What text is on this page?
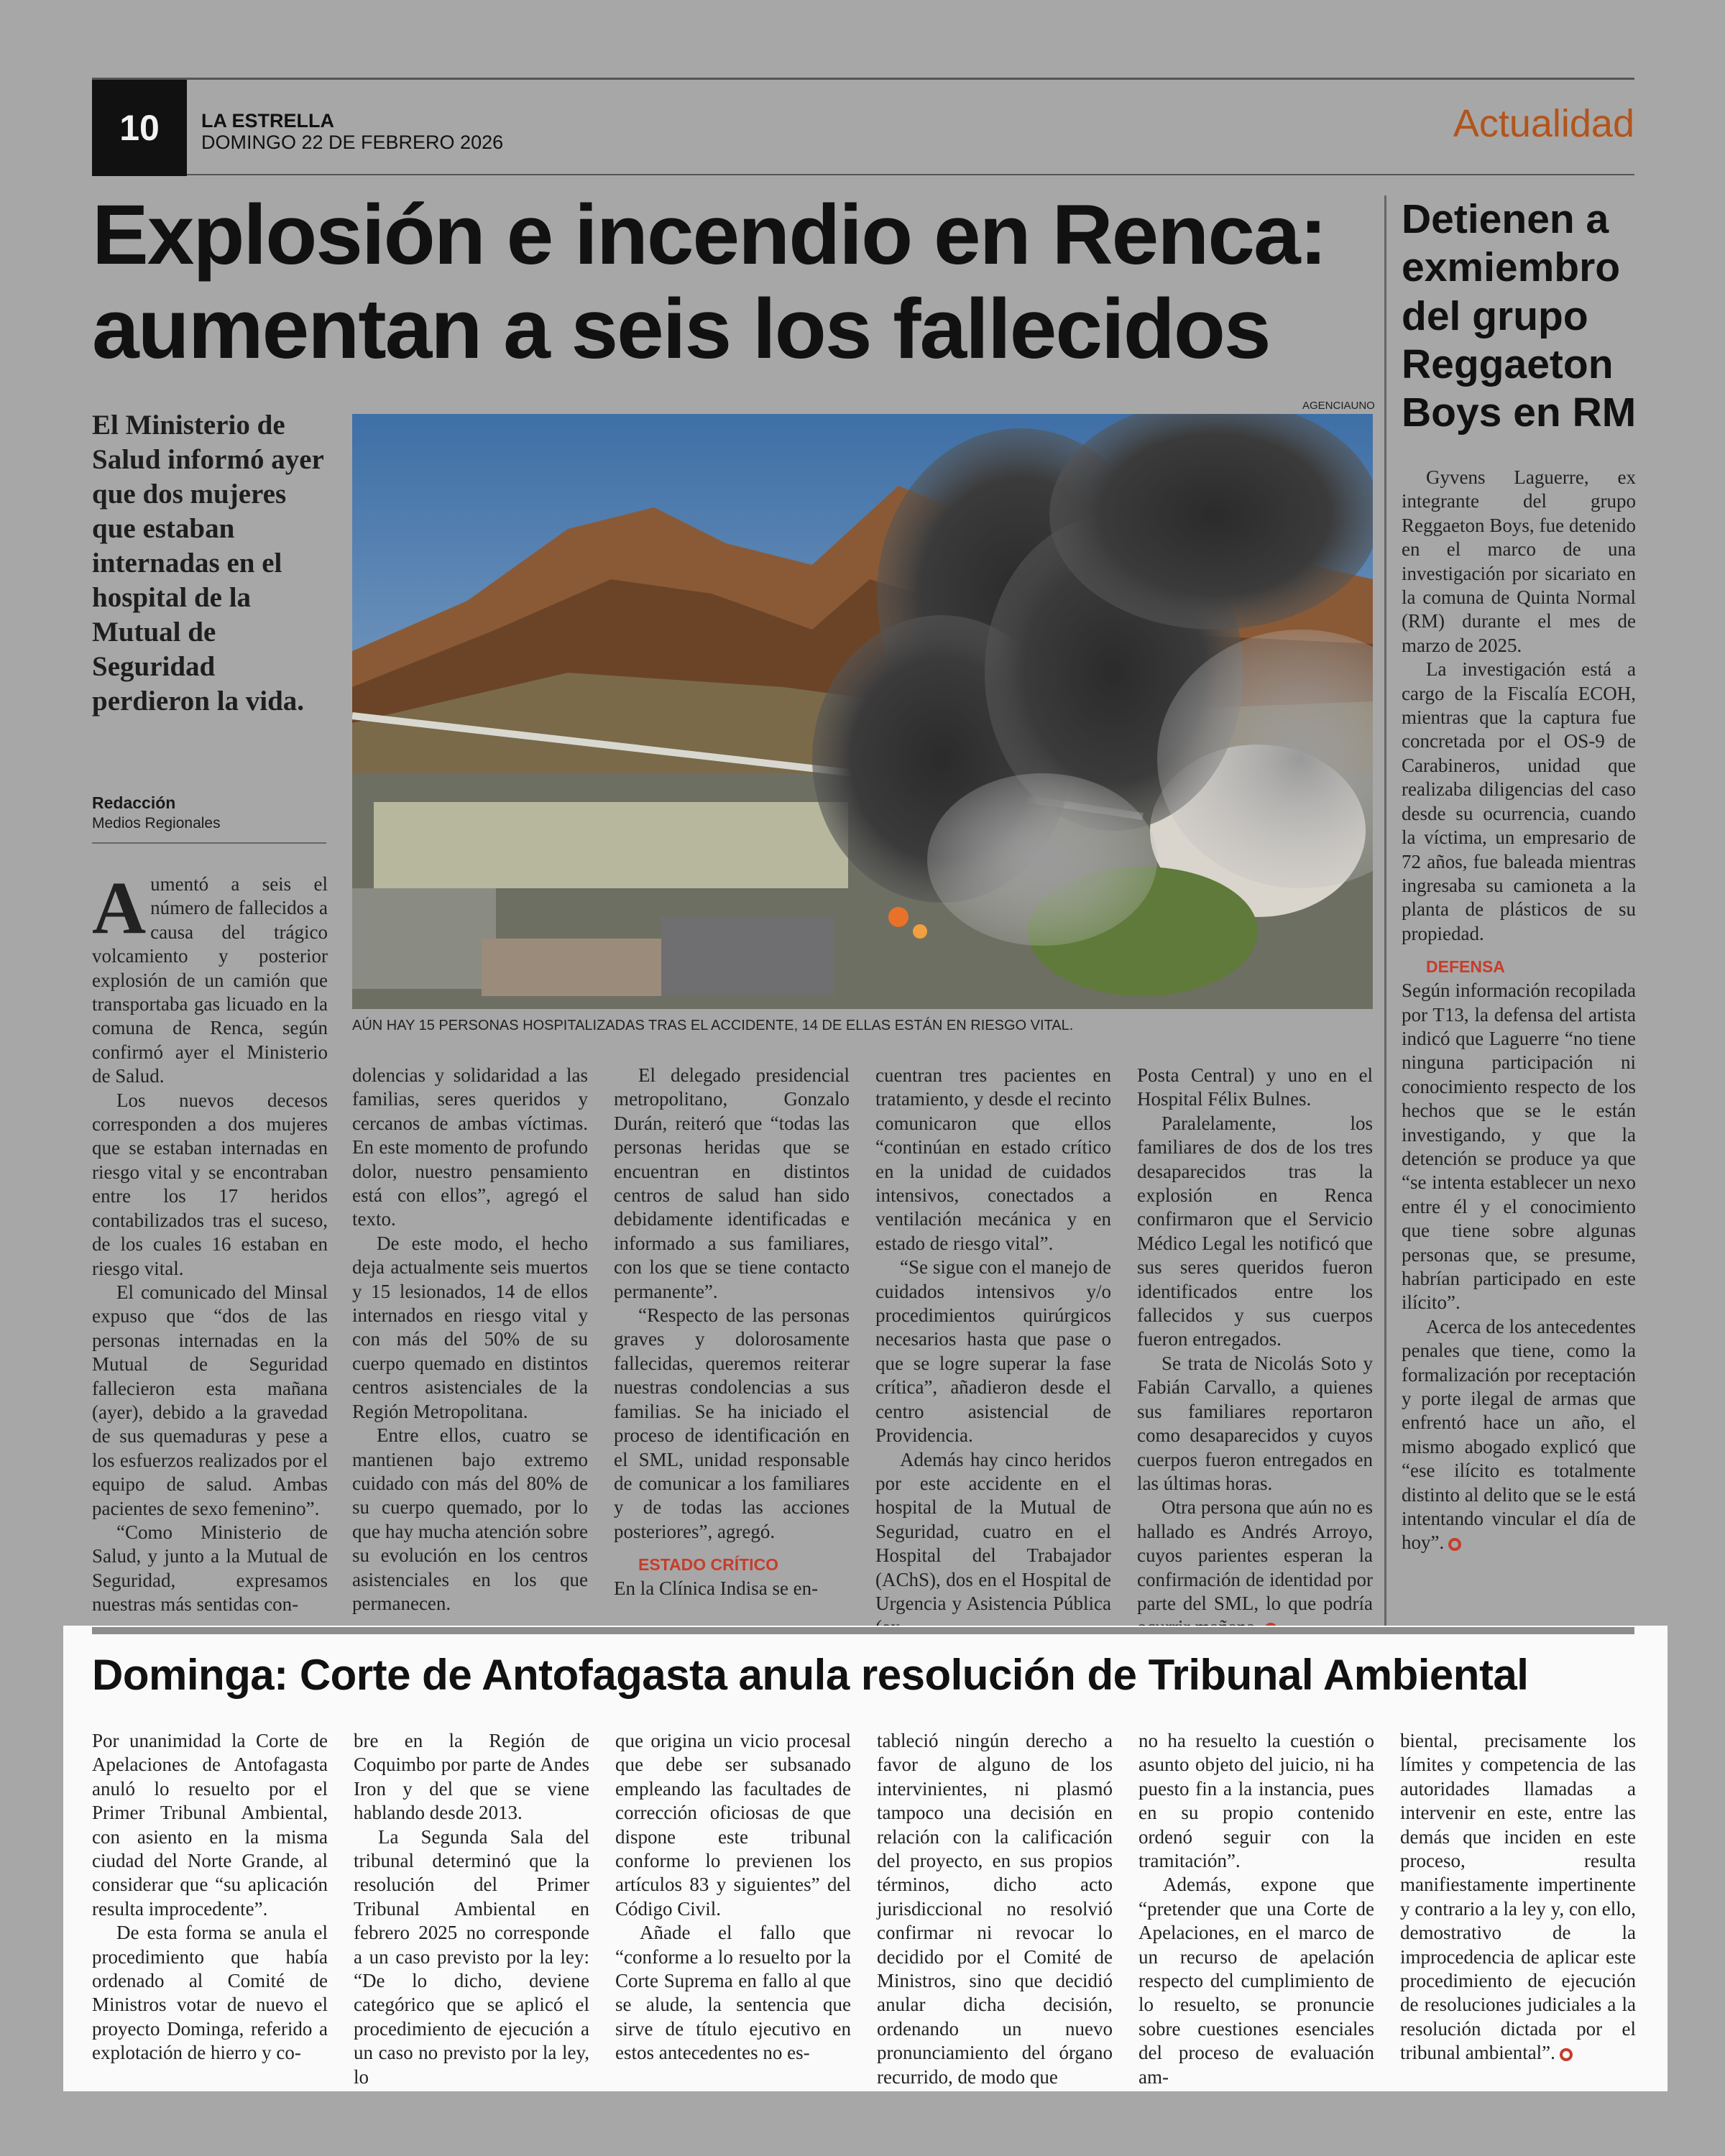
10	LA ESTRELLA
DOMINGO 22 DE FEBRERO 2026	Actualidad
Explosión e incendio en Renca: aumentan a seis los fallecidos
El Ministerio de Salud informó ayer que dos mujeres que estaban internadas en el hospital de la Mutual de Seguridad perdieron la vida.
Redacción
Medios Regionales
AGENCIAUNO
AÚN HAY 15 PERSONAS HOSPITALIZADAS TRAS EL ACCIDENTE, 14 DE ELLAS ESTÁN EN RIESGO VITAL.

Aumentó a seis el número de fallecidos a causa del trágico volcamiento y posterior explosión de un camión que transportaba gas licuado en la comuna de Renca, según confirmó ayer el Ministerio de Salud.

Los nuevos decesos corresponden a dos mujeres que se estaban internadas en riesgo vital y se encontraban entre los 17 heridos contabilizados tras el suceso, de los cuales 16 estaban en riesgo vital.

El comunicado del Minsal expuso que “dos de las personas internadas en la Mutual de Seguridad fallecieron esta mañana (ayer), debido a la gravedad de sus quemaduras y pese a los esfuerzos realizados por el equipo de salud. Ambas pacientes de sexo femenino”.

“Como Ministerio de Salud, y junto a la Mutual de Seguridad, expresamos nuestras más sentidas con-

dolencias y solidaridad a las familias, seres queridos y cercanos de ambas víctimas. En este momento de profundo dolor, nuestro pensamiento está con ellos”, agregó el texto.

De este modo, el hecho deja actualmente seis muertos y 15 lesionados, 14 de ellos internados en riesgo vital y con más del 50% de su cuerpo quemado en distintos centros asistenciales de la Región Metropolitana.

Entre ellos, cuatro se mantienen bajo extremo cuidado con más del 80% de su cuerpo quemado, por lo que hay mucha atención sobre su evolución en los centros asistenciales en los que permanecen.

El delegado presidencial metropolitano, Gonzalo Durán, reiteró que “todas las personas heridas que se encuentran en distintos centros de salud han sido debidamente identificadas e informado a sus familiares, con los que se tiene contacto permanente”.

“Respecto de las personas graves y dolorosamente fallecidas, queremos reiterar nuestras condolencias a sus familias. Se ha iniciado el proceso de identificación en el SML, unidad responsable de comunicar a los familiares y de todas las acciones posteriores”, agregó.

ESTADO CRÍTICO

En la Clínica Indisa se en-

cuentran tres pacientes en tratamiento, y desde el recinto comunicaron que ellos “continúan en estado crítico en la unidad de cuidados intensivos, conectados a ventilación mecánica y en estado de riesgo vital”.

“Se sigue con el manejo de cuidados intensivos y/o procedimientos quirúrgicos necesarios hasta que pase o que se logre superar la fase crítica”, añadieron desde el centro asistencial de Providencia.

Además hay cinco heridos por este accidente en el hospital de la Mutual de Seguridad, cuatro en el Hospital del Trabajador (AChS), dos en el Hospital de Urgencia y Asistencia Pública

Posta Central) y uno en el Hospital Félix Bulnes.

Paralelamente, los familiares de dos de los tres desaparecidos tras la explosión en Renca confirmaron que el Servicio Médico Legal les notificó que sus seres queridos fueron identificados entre los fallecidos y sus cuerpos fueron entregados.

Se trata de Nicolás Soto y Fabián Carvallo, a quienes sus familiares reportaron como desaparecidos y cuyos cuerpos fueron entregados en las últimas horas.

Otra persona que aún no es hallado es Andrés Arroyo, cuyos parientes esperan la confirmación de identidad por parte del SML, lo que podría

Detienen a exmiembro del grupo Reggaeton Boys en RM

Gyvens Laguerre, ex integrante del grupo Reggaeton Boys, fue detenido en el marco de una investigación por sicariato en la comuna de Quinta Normal (RM) durante el mes de marzo de 2025.

La investigación está a cargo de la Fiscalía ECOH, mientras que la captura fue concretada por el OS-9 de Carabineros, unidad que realizaba diligencias del caso desde su ocurrencia, cuando la víctima, un empresario de 72 años, fue baleada mientras ingresaba su camioneta a la planta de plásticos de su propiedad.

DEFENSA

Según información recopilada por T13, la defensa del artista indicó que Laguerre “no tiene ninguna participación ni conocimiento respecto de los hechos que se le están investigando, y que la detención se produce ya que “se intenta establecer un nexo entre él y el conocimiento que tiene sobre algunas personas que, se presume, habrían participado en este ilícito”.

Acerca de los antecedentes penales que tiene, como la formalización por receptación y porte ilegal de armas que enfrentó hace un año, el mismo abogado explicó que “ese ilícito es totalmente distinto al delito que se le está intentando vincular el día de hoy”.

Dominga: Corte de Antofagasta anula resolución de Tribunal Ambiental

Por unanimidad la Corte de Apelaciones de Antofagasta anuló lo resuelto por el Primer Tribunal Ambiental, con asiento en la misma ciudad del Norte Grande, al considerar que “su aplicación resulta improcedente”.

De esta forma se anula el procedimiento que había ordenado al Comité de Ministros votar de nuevo el proyecto Dominga, referido a explotación de hierro y co-

bre en la Región de Coquimbo por parte de Andes Iron y del que se viene hablando desde 2013.

La Segunda Sala del tribunal determinó que la resolución del Primer Tribunal Ambiental en febrero 2025 no corresponde a un caso previsto por la ley: “De lo dicho, deviene categórico que se aplicó el procedimiento de ejecución a un caso no previsto por la ley, lo

que origina un vicio procesal que debe ser subsanado empleando las facultades de corrección oficiosas de que dispone este tribunal conforme lo previenen los artículos 83 y siguientes” del Código Civil.

Añade el fallo que “conforme a lo resuelto por la Corte Suprema en fallo al que se alude, la sentencia que sirve de título ejecutivo en estos antecedentes no es-

tableció ningún derecho a favor de alguno de los intervinientes, ni plasmó tampoco una decisión en relación con la calificación del proyecto, en sus propios términos, dicho acto jurisdiccional no resolvió confirmar ni revocar lo decidido por el Comité de Ministros, sino que decidió anular dicha decisión, ordenando un nuevo pronunciamiento del órgano recurrido, de modo que

no ha resuelto la cuestión o asunto objeto del juicio, ni ha puesto fin a la instancia, pues en su propio contenido ordenó seguir con la tramitación”.

Además, expone que “pretender que una Corte de Apelaciones, en el marco de un recurso de apelación respecto del cumplimiento de lo resuelto, se pronuncie sobre cuestiones esenciales del proceso de evaluación am-

biental, precisamente los límites y competencia de las autoridades llamadas a intervenir en este, entre las demás que inciden en este proceso, resulta manifiestamente impertinente y contrario a la ley y, con ello, demostrativo de la improcedencia de aplicar este procedimiento de ejecución de resoluciones judiciales a la resolución dictada por el tribunal ambiental”.
